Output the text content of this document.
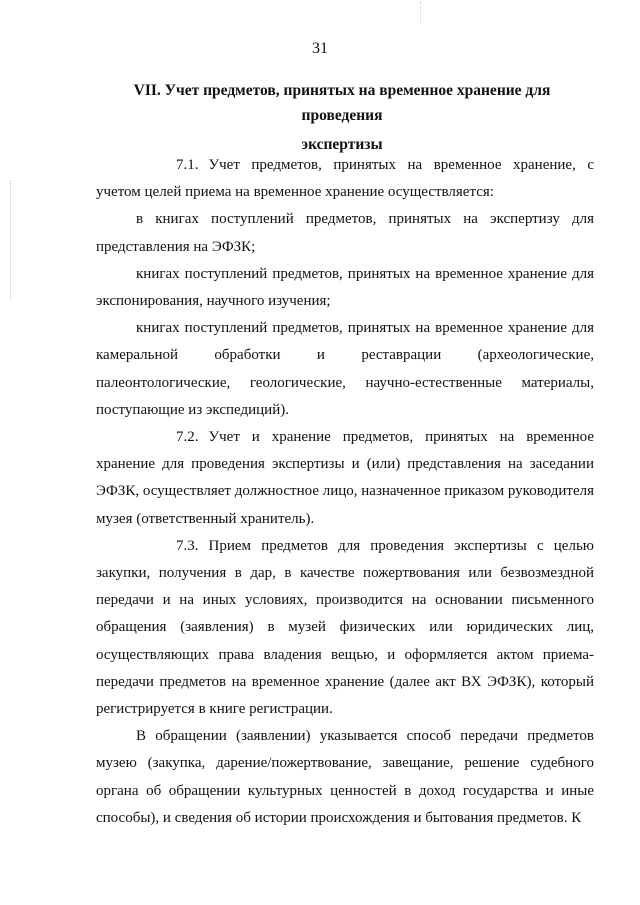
31
VII. Учет предметов, принятых на временное хранение для проведения
экспертизы

7.1. Учет предметов, принятых на временное хранение, с учетом целей приема на временное хранение осуществляется:

в книгах поступлений предметов, принятых на экспертизу для представления на ЭФЗК;

книгах поступлений предметов, принятых на временное хранение для экспонирования, научного изучения;

книгах поступлений предметов, принятых на временное хранение для камеральной обработки и реставрации (археологические, палеонтологические, геологические, научно-естественные материалы, поступающие из экспедиций).

7.2. Учет и хранение предметов, принятых на временное хранение для проведения экспертизы и (или) представления на заседании ЭФЗК, осуществляет должностное лицо, назначенное приказом руководителя музея (ответственный хранитель).

7.3. Прием предметов для проведения экспертизы с целью закупки, получения в дар, в качестве пожертвования или безвозмездной передачи и на иных условиях, производится на основании письменного обращения (заявления) в музей физических или юридических лиц, осуществляющих права владения вещью, и оформляется актом приема-передачи предметов на временное хранение (далее акт ВХ ЭФЗК), который регистрируется в книге регистрации.

В обращении (заявлении) указывается способ передачи предметов музею (закупка, дарение/пожертвование, завещание, решение судебного органа об обращении культурных ценностей в доход государства и иные способы), и сведения об истории происхождения и бытования предметов. К
